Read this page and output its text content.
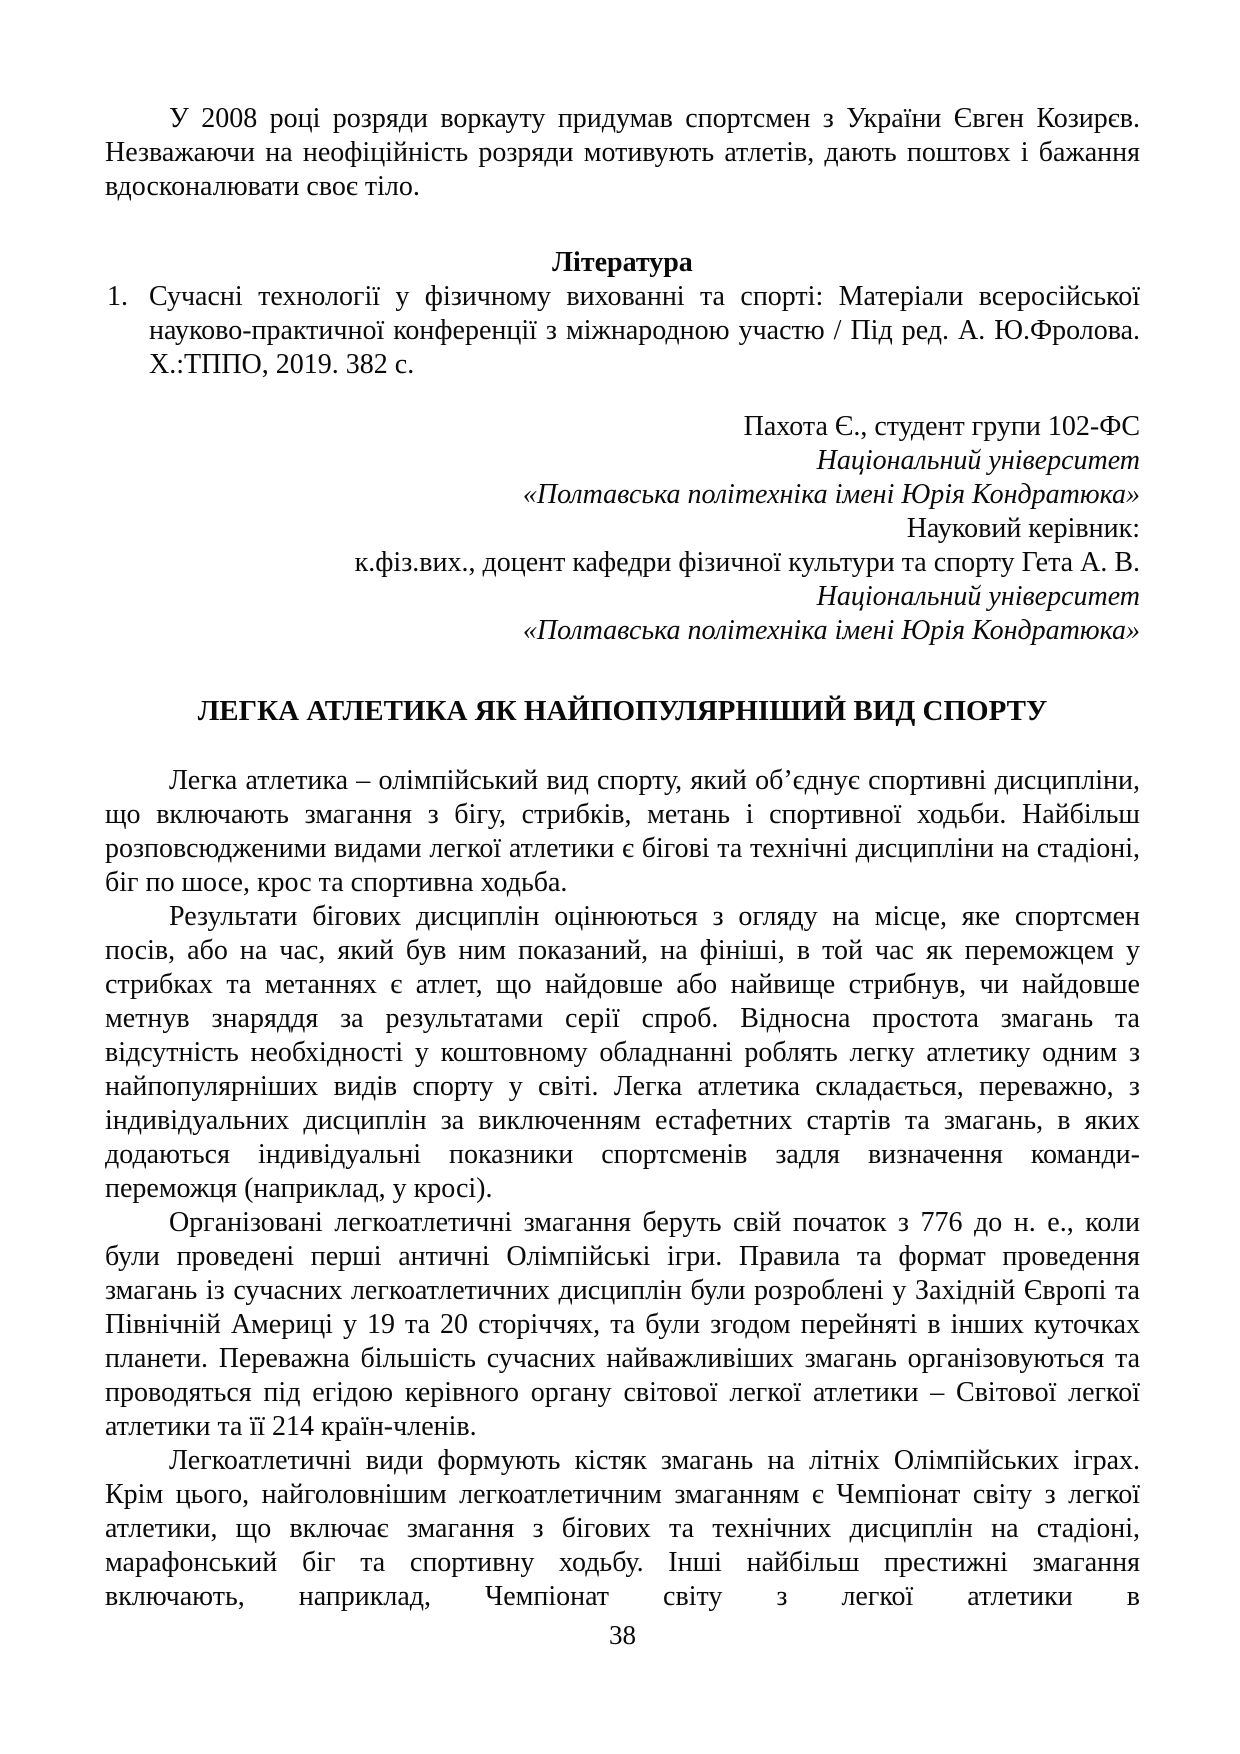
У 2008 році розряди воркауту придумав спортсмен з України Євген Козирєв. Незважаючи на неофіційність розряди мотивують атлетів, дають поштовх і бажання вдосконалювати своє тіло.

Література
1. Сучасні технології у фізичному вихованні та спорті: Матеріали всеросійської науково-практичної конференції з міжнародною участю / Під ред. А. Ю.Фролова. Х.:ТППО, 2019. 382 с.
Пахота Є., студент групи 102-ФС
Національний університет
«Полтавська політехніка імені Юрія Кондратюка»
Науковий керівник:
к.фіз.вих., доцент кафедри фізичної культури та спорту Гета А. В.
Національний університет
«Полтавська політехніка імені Юрія Кондратюка»
ЛЕГКА АТЛЕТИКА ЯК НАЙПОПУЛЯРНІШИЙ ВИД СПОРТУ

Легка атлетика – олімпійський вид спорту, який об’єднує спортивні дисципліни, що включають змагання з бігу, стрибків, метань і спортивної ходьби. Найбільш розповсюдженими видами легкої атлетики є бігові та технічні дисципліни на стадіоні, біг по шосе, крос та спортивна ходьба.

Результати бігових дисциплін оцінюються з огляду на місце, яке спортсмен посів, або на час, який був ним показаний, на фініші, в той час як переможцем у стрибках та метаннях є атлет, що найдовше або найвище стрибнув, чи найдовше метнув знаряддя за результатами серії спроб. Відносна простота змагань та відсутність необхідності у коштовному обладнанні роблять легку атлетику одним з найпопулярніших видів спорту у світі. Легка атлетика складається, переважно, з індивідуальних дисциплін за виключенням естафетних стартів та змагань, в яких додаються індивідуальні показники спортсменів задля визначення команди-переможця (наприклад, у кросі).

Організовані легкоатлетичні змагання беруть свій початок з 776 до н. е., коли були проведені перші античні Олімпійські ігри. Правила та формат проведення змагань із сучасних легкоатлетичних дисциплін були розроблені у Західній Європі та Північній Америці у 19 та 20 сторіччях, та були згодом перейняті в інших куточках планети. Переважна більшість сучасних найважливіших змагань організовуються та проводяться під егідою керівного органу світової легкої атлетики – Світової легкої атлетики та її 214 країн-членів.

Легкоатлетичні види формують кістяк змагань на літніх Олімпійських іграх. Крім цього, найголовнішим легкоатлетичним змаганням є Чемпіонат світу з легкої атлетики, що включає змагання з бігових та технічних дисциплін на стадіоні, марафонський біг та спортивну ходьбу. Інші найбільш престижні змагання включають, наприклад, Чемпіонат світу з легкої атлетики в

38
